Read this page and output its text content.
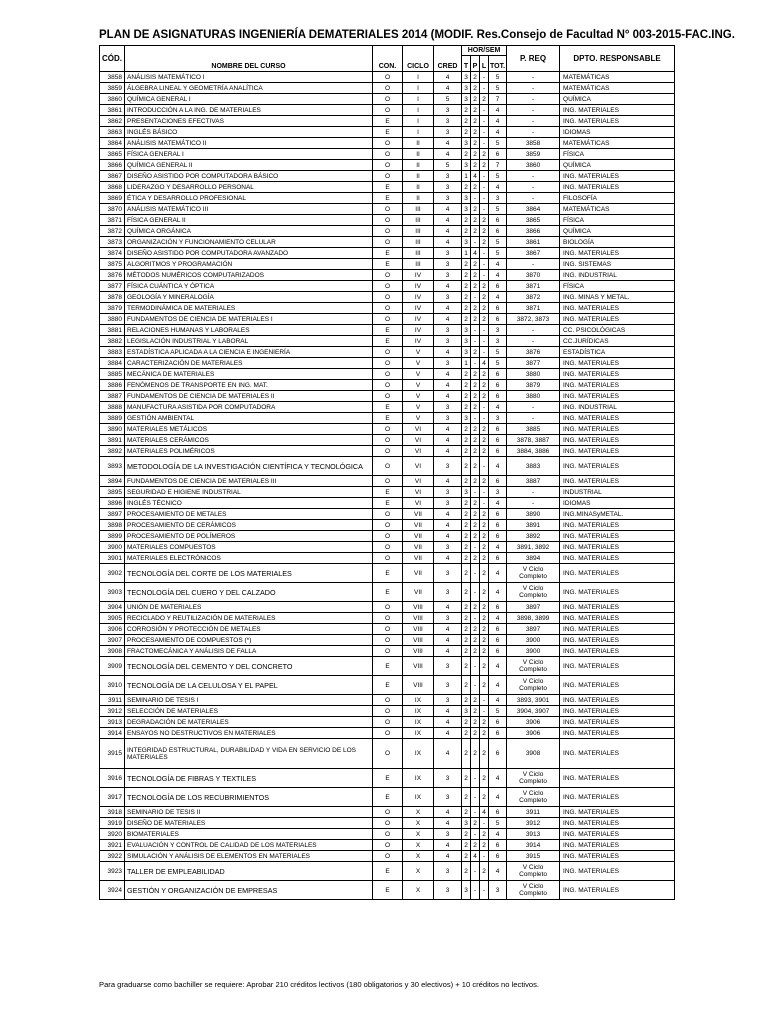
PLAN DE ASIGNATURAS INGENIERÍA DEMATERIALES 2014 (MODIF. Res.Consejo de Facultad N° 003-2015-FAC.ING.
CÓD.	NOMBRE DEL CURSO	CON.	CICLO	CRED	HOR/SEM				P. REQ	DPTO. RESPONSABLE
					T	P	L	TOT.		
3858	ANÁLISIS MATEMÁTICO I	O	I	4	3	2	-	5	-	MATEMÁTICAS
3859	ÁLGEBRA LINEAL Y GEOMETRÍA ANALÍTICA	O	I	4	3	2	-	5	-	MATEMÁTICAS
3860	QUÍMICA GENERAL I	O	I	5	3	2	2	7	-	QUÍMICA
3861	INTRODUCCIÓN A LA ING. DE MATERIALES	O	I	3	2	2	-	4	-	ING. MATERIALES
3862	PRESENTACIONES EFECTIVAS	E	I	3	2	2	-	4	-	ING. MATERIALES
3863	INGLÉS BÁSICO	E	I	3	2	2	-	4	-	IDIOMAS
3864	ANÁLISIS MATEMÁTICO II	O	II	4	3	2	-	5	3858	MATEMÁTICAS
3865	FÍSICA GENERAL I	O	II	4	2	2	2	6	3859	FÍSICA
3866	QUÍMICA GENERAL II	O	II	5	3	2	2	7	3860	QUÍMICA
3867	DISEÑO ASISTIDO POR COMPUTADORA BÁSICO	O	II	3	1	4	-	5	-	ING. MATERIALES
3868	LIDERAZGO Y DESARROLLO PERSONAL	E	II	3	2	2	-	4	-	ING. MATERIALES
3869	ÉTICA Y DESARROLLO PROFESIONAL	E	II	3	3	-	-	3	-	FILOSOFÍA
3870	ANÁLISIS MATEMÁTICO III	O	III	4	3	2	-	5	3864	MATEMÁTICAS
3871	FÍSICA GENERAL II	O	III	4	2	2	2	6	3865	FÍSICA
3872	QUÍMICA ORGÁNICA	O	III	4	2	2	2	6	3866	QUÍMICA
3873	ORGANIZACIÓN Y FUNCIONAMIENTO CELULAR	O	III	4	3	-	2	5	3861	BIOLOGÍA
3874	DISEÑO ASISTIDO POR COMPUTADORA AVANZADO	E	III	3	1	4	-	5	3867	ING. MATERIALES
3875	ALGORITMOS Y PROGRAMACIÓN	E	III	3	2	2	-	4	-	ING. SISTEMAS
3876	MÉTODOS NUMÉRICOS COMPUTARIZADOS	O	IV	3	2	2	-	4	3870	ING. INDUSTRIAL
3877	FÍSICA CUÁNTICA Y ÓPTICA	O	IV	4	2	2	2	6	3871	FÍSICA
3878	GEOLOGÍA Y MINERALOGÍA	O	IV	3	2	-	2	4	3872	ING. MINAS Y METAL.
3879	TERMODINÁMICA DE MATERIALES	O	IV	4	2	2	2	6	3871	ING. MATERIALES
3880	FUNDAMENTOS DE CIENCIA DE MATERIALES I	O	IV	4	2	2	2	6	3872, 3873	ING. MATERIALES
3881	RELACIONES HUMANAS Y LABORALES	E	IV	3	3	-	-	3	-	CC. PSICOLÓGICAS
3882	LEGISLACIÓN INDUSTRIAL Y LABORAL	E	IV	3	3	-	-	3	-	CC.JURÍDICAS
3883	ESTADÍSTICA APLICADA A LA CIENCIA E INGENIERÍA	O	V	4	3	2	-	5	3876	ESTADÍSTICA
3884	CARACTERIZACIÓN DE MATERIALES	O	V	3	1	-	4	5	3877	ING. MATERIALES
3885	MECÁNICA DE MATERIALES	O	V	4	2	2	2	6	3880	ING. MATERIALES
3886	FENÓMENOS DE TRANSPORTE EN ING. MAT.	O	V	4	2	2	2	6	3879	ING. MATERIALES
3887	FUNDAMENTOS DE CIENCIA DE MATERIALES II	O	V	4	2	2	2	6	3880	ING. MATERIALES
3888	MANUFACTURA ASISTIDA POR COMPUTADORA	E	V	3	2	2	-	4	-	ING. INDUSTRIAL
3889	GESTIÓN AMBIENTAL	E	V	3	3	-	-	3	-	ING. MATERIALES
3890	MATERIALES METÁLICOS	O	VI	4	2	2	2	6	3885	ING. MATERIALES
3891	MATERIALES CERÁMICOS	O	VI	4	2	2	2	6	3878, 3887	ING. MATERIALES
3892	MATERIALES POLIMÉRICOS	O	VI	4	2	2	2	6	3884, 3886	ING. MATERIALES
3893	METODOLOGÍA DE LA INVESTIGACIÓN CIENTÍFICA Y TECNOLÓGICA	O	VI	3	2	2	-	4	3883	ING. MATERIALES
3894	FUNDAMENTOS DE CIENCIA DE MATERIALES III	O	VI	4	2	2	2	6	3887	ING. MATERIALES
3895	SEGURIDAD E HIGIENE INDUSTRIAL	E	VI	3	3	-	-	3	-	INDUSTRIAL
3896	INGLÉS TÉCNICO	E	VI	3	2	2	-	4	-	IDIOMAS
3897	PROCESAMIENTO DE METALES	O	VII	4	2	2	2	6	3890	ING.MINASyMETAL.
3898	PROCESAMIENTO DE CERÁMICOS	O	VII	4	2	2	2	6	3891	ING. MATERIALES
3899	PROCESAMIENTO DE POLÍMEROS	O	VII	4	2	2	2	6	3892	ING. MATERIALES
3900	MATERIALES COMPUESTOS	O	VII	3	2	-	2	4	3891, 3892	ING. MATERIALES
3901	MATERIALES ELECTRÓNICOS	O	VII	4	2	2	2	6	3894	ING. MATERIALES
3902	TECNOLOGÍA DEL CORTE DE LOS MATERIALES	E	VII	3	2	-	2	4	V Ciclo Completo	ING. MATERIALES
3903	TECNOLOGÍA DEL CUERO Y DEL CALZADO	E	VII	3	2	-	2	4	V Ciclo Completo	ING. MATERIALES
3904	UNIÓN DE MATERIALES	O	VIII	4	2	2	2	6	3897	ING. MATERIALES
3905	RECICLADO Y REUTILIZACIÓN DE MATERIALES	O	VIII	3	2	-	2	4	3898, 3899	ING. MATERIALES
3906	CORROSIÓN Y PROTECCIÓN DE METALES	O	VIII	4	2	2	2	6	3897	ING. MATERIALES
3907	PROCESAMIENTO DE COMPUESTOS (*)	O	VIII	4	2	2	2	6	3900	ING. MATERIALES
3908	FRACTOMECÁNICA Y ANÁLISIS DE FALLA	O	VIII	4	2	2	2	6	3900	ING. MATERIALES
3909	TECNOLOGÍA DEL CEMENTO Y DEL CONCRETO	E	VIII	3	2	-	2	4	V Ciclo Completo	ING. MATERIALES
3910	TECNOLOGÍA DE LA CELULOSA Y EL PAPEL	E	VIII	3	2	-	2	4	V Ciclo Completo	ING. MATERIALES
3911	SEMINARIO DE TESIS I	O	IX	3	2	2	-	4	3893, 3901	ING. MATERIALES
3912	SELECCIÓN DE MATERIALES	O	IX	4	3	2	-	5	3904, 3907	ING. MATERIALES
3913	DEGRADACIÓN DE MATERIALES	O	IX	4	2	2	2	6	3906	ING. MATERIALES
3914	ENSAYOS NO DESTRUCTIVOS EN MATERIALES	O	IX	4	2	2	2	6	3906	ING. MATERIALES
3915	INTEGRIDAD ESTRUCTURAL, DURABILIDAD Y VIDA EN SERVICIO DE LOS MATERIALES	O	IX	4	2	2	2	6	3908	ING. MATERIALES
3916	TECNOLOGÍA DE FIBRAS Y TEXTILES	E	IX	3	2	-	2	4	V Ciclo Completo	ING. MATERIALES
3917	TECNOLOGÍA DE LOS RECUBRIMIENTOS	E	IX	3	2	-	2	4	V Ciclo Completo	ING. MATERIALES
3918	SEMINARIO DE TESIS II	O	X	4	2	-	4	6	3911	ING. MATERIALES
3919	DISEÑO DE MATERIALES	O	X	4	3	2	-	5	3912	ING. MATERIALES
3920	BIOMATERIALES	O	X	3	2	-	2	4	3913	ING. MATERIALES
3921	EVALUACIÓN Y CONTROL DE CALIDAD DE LOS MATERIALES	O	X	4	2	2	2	6	3914	ING. MATERIALES
3922	SIMULACIÓN Y ANÁLISIS DE ELEMENTOS EN MATERIALES	O	X	4	2	4	-	6	3915	ING. MATERIALES
3923	TALLER DE EMPLEABILIDAD	E	X	3	2	-	2	4	V Ciclo Completo	ING. MATERIALES
3924	GESTIÓN Y ORGANIZACIÓN DE EMPRESAS	E	X	3	3	-	-	3	V Ciclo Completo	ING. MATERIALES
Para graduarse como bachiller se requiere: Aprobar 210 créditos lectivos (180 obligatorios y 30 electivos) + 10 créditos no lectivos.
